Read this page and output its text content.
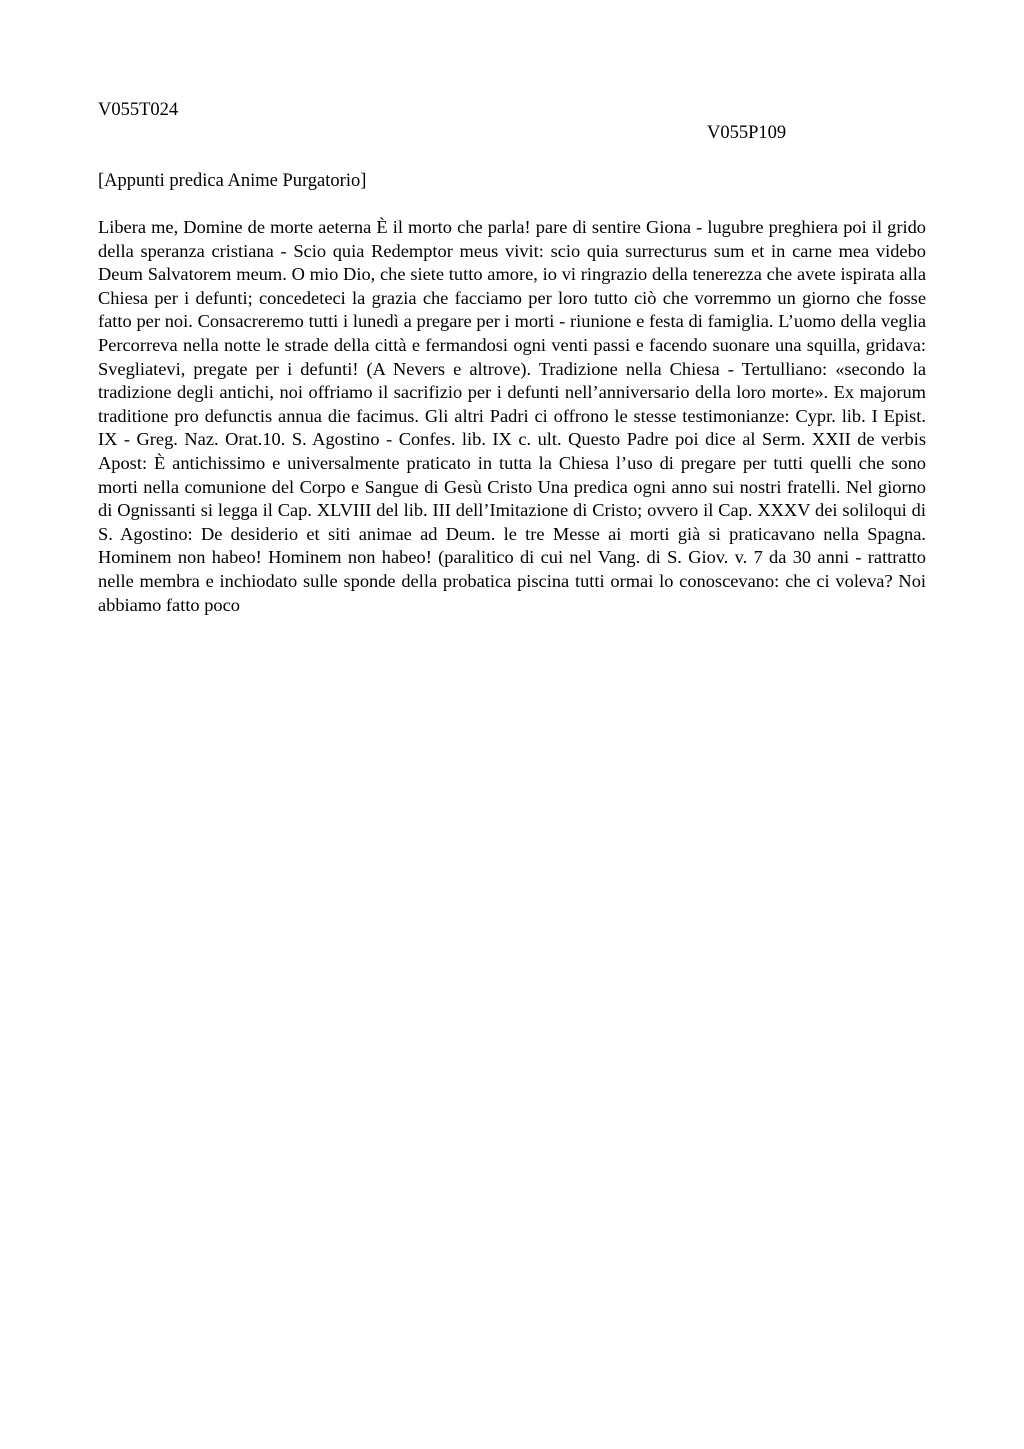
V055T024
V055P109
[Appunti predica Anime Purgatorio]

Libera me, Domine de morte aeterna È il morto che parla! pare di sentire Giona - lugubre preghiera poi il grido della speranza cristiana - Scio quia Redemptor meus vivit: scio quia surrecturus sum et in carne mea videbo Deum Salvatorem meum. O mio Dio, che siete tutto amore, io vi ringrazio della tenerezza che avete ispirata alla Chiesa per i defunti; concedeteci la grazia che facciamo per loro tutto ciò che vorremmo un giorno che fosse fatto per noi. Consacreremo tutti i lunedì a pregare per i morti - riunione e festa di famiglia. L’uomo della veglia Percorreva nella notte le strade della città e fermandosi ogni venti passi e facendo suonare una squilla, gridava: Svegliatevi, pregate per i defunti! (A Nevers e altrove). Tradizione nella Chiesa - Tertulliano: «secondo la tradizione degli antichi, noi offriamo il sacrifizio per i defunti nell’anniversario della loro morte». Ex majorum traditione pro defunctis annua die facimus. Gli altri Padri ci offrono le stesse testimonianze: Cypr. lib. I Epist. IX - Greg. Naz. Orat.10. S. Agostino - Confes. lib. IX c. ult. Questo Padre poi dice al Serm. XXII de verbis Apost: È antichissimo e universalmente praticato in tutta la Chiesa l’uso di pregare per tutti quelli che sono morti nella comunione del Corpo e Sangue di Gesù Cristo Una predica ogni anno sui nostri fratelli. Nel giorno di Ognissanti si legga il Cap. XLVIII del lib. III dell’Imitazione di Cristo; ovvero il Cap. XXXV dei soliloqui di S. Agostino: De desiderio et siti animae ad Deum. le tre Messe ai morti già si praticavano nella Spagna. Hominem non habeo! Hominem non habeo! (paralitico di cui nel Vang. di S. Giov. v. 7 da 30 anni - rattratto nelle membra e inchiodato sulle sponde della probatica piscina tutti ormai lo conoscevano: che ci voleva? Noi abbiamo fatto poco
